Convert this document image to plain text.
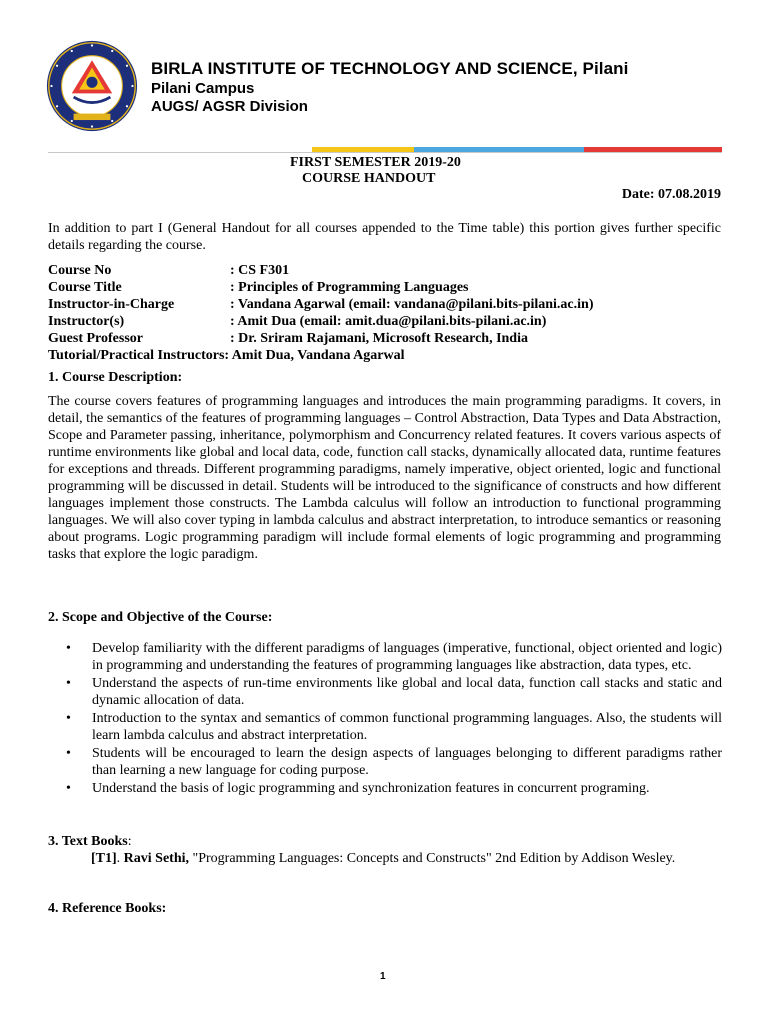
BIRLA INSTITUTE OF TECHNOLOGY AND SCIENCE, Pilani
Pilani Campus
AUGS/ AGSR Division
FIRST SEMESTER 2019-20
COURSE HANDOUT
Date: 07.08.2019
In addition to part I (General Handout for all courses appended to the Time table) this portion gives further specific details regarding the course.
Course No	: CS F301
Course Title	: Principles of Programming Languages
Instructor-in-Charge	: Vandana Agarwal (email: vandana@pilani.bits-pilani.ac.in)
Instructor(s)	: Amit Dua (email: amit.dua@pilani.bits-pilani.ac.in)
Guest Professor	: Dr. Sriram Rajamani, Microsoft Research, India
Tutorial/Practical Instructors: Amit Dua, Vandana Agarwal
1. Course Description:
The course covers features of programming languages and introduces the main programming paradigms. It covers, in detail, the semantics of the features of programming languages – Control Abstraction, Data Types and Data Abstraction, Scope and Parameter passing, inheritance, polymorphism and Concurrency related features. It covers various aspects of runtime environments like global and local data, code, function call stacks, dynamically allocated data, runtime features for exceptions and threads. Different programming paradigms, namely imperative, object oriented, logic and functional programming will be discussed in detail. Students will be introduced to the significance of constructs and how different languages implement those constructs. The Lambda calculus will follow an introduction to functional programming languages. We will also cover typing in lambda calculus and abstract interpretation, to introduce semantics or reasoning about programs. Logic programming paradigm will include formal elements of logic programming and programming tasks that explore the logic paradigm.
2. Scope and Objective of the Course:
• Develop familiarity with the different paradigms of languages (imperative, functional, object oriented and logic) in programming and understanding the features of programming languages like abstraction, data types, etc.
• Understand the aspects of run-time environments like global and local data, function call stacks and static and dynamic allocation of data.
• Introduction to the syntax and semantics of common functional programming languages. Also, the students will learn lambda calculus and abstract interpretation.
• Students will be encouraged to learn the design aspects of languages belonging to different paradigms rather than learning a new language for coding purpose.
• Understand the basis of logic programming and synchronization features in concurrent programing.
3. Text Books:
[T1]. Ravi Sethi, "Programming Languages: Concepts and Constructs" 2nd Edition by Addison Wesley.
4. Reference Books:
1
